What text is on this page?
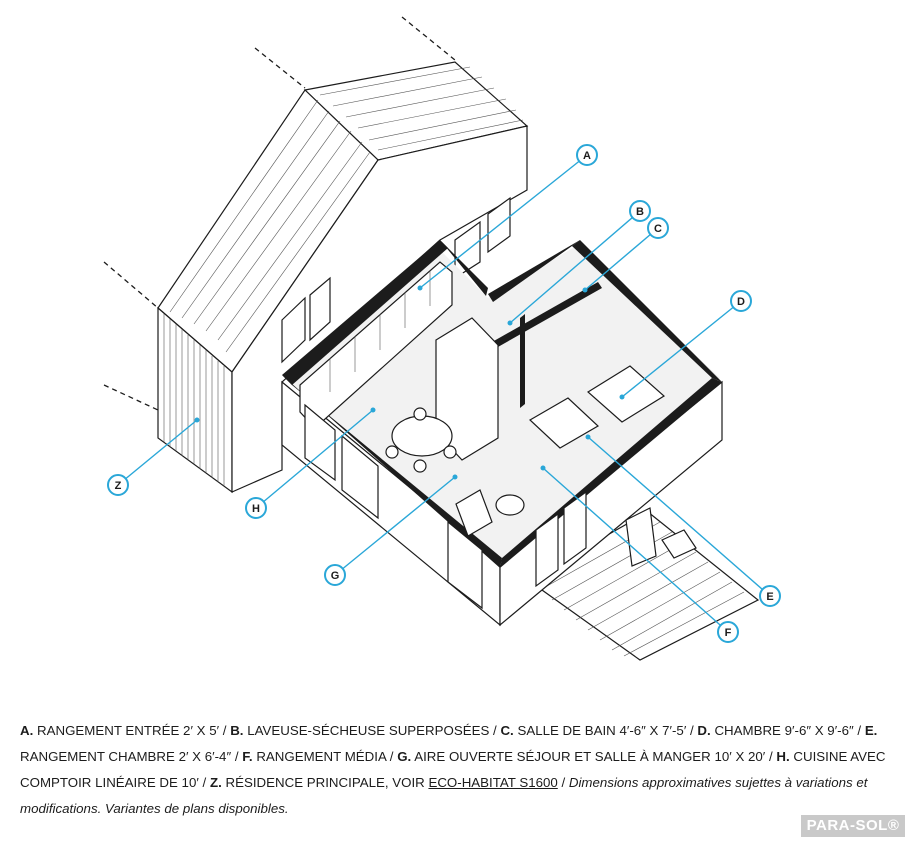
A
B
C
D
E
F
G
H
Z
A. RANGEMENT ENTRÉE 2′ X 5′ / B. LAVEUSE-SÉCHEUSE SUPERPOSÉES / C. SALLE DE BAIN 4′-6″ X 7′-5′ / D. CHAMBRE 9′-6″ X 9′-6″ / E. RANGEMENT CHAMBRE 2′ X 6′-4″ / F. RANGEMENT MÉDIA / G. AIRE OUVERTE SÉJOUR ET SALLE À MANGER 10′ X 20′ / H. CUISINE AVEC COMPTOIR LINÉAIRE DE 10′ / Z. RÉSIDENCE PRINCIPALE, VOIR ECO-HABITAT S1600 / Dimensions approximatives sujettes à variations et modifications. Variantes de plans disponibles.
PARA-SOL®
